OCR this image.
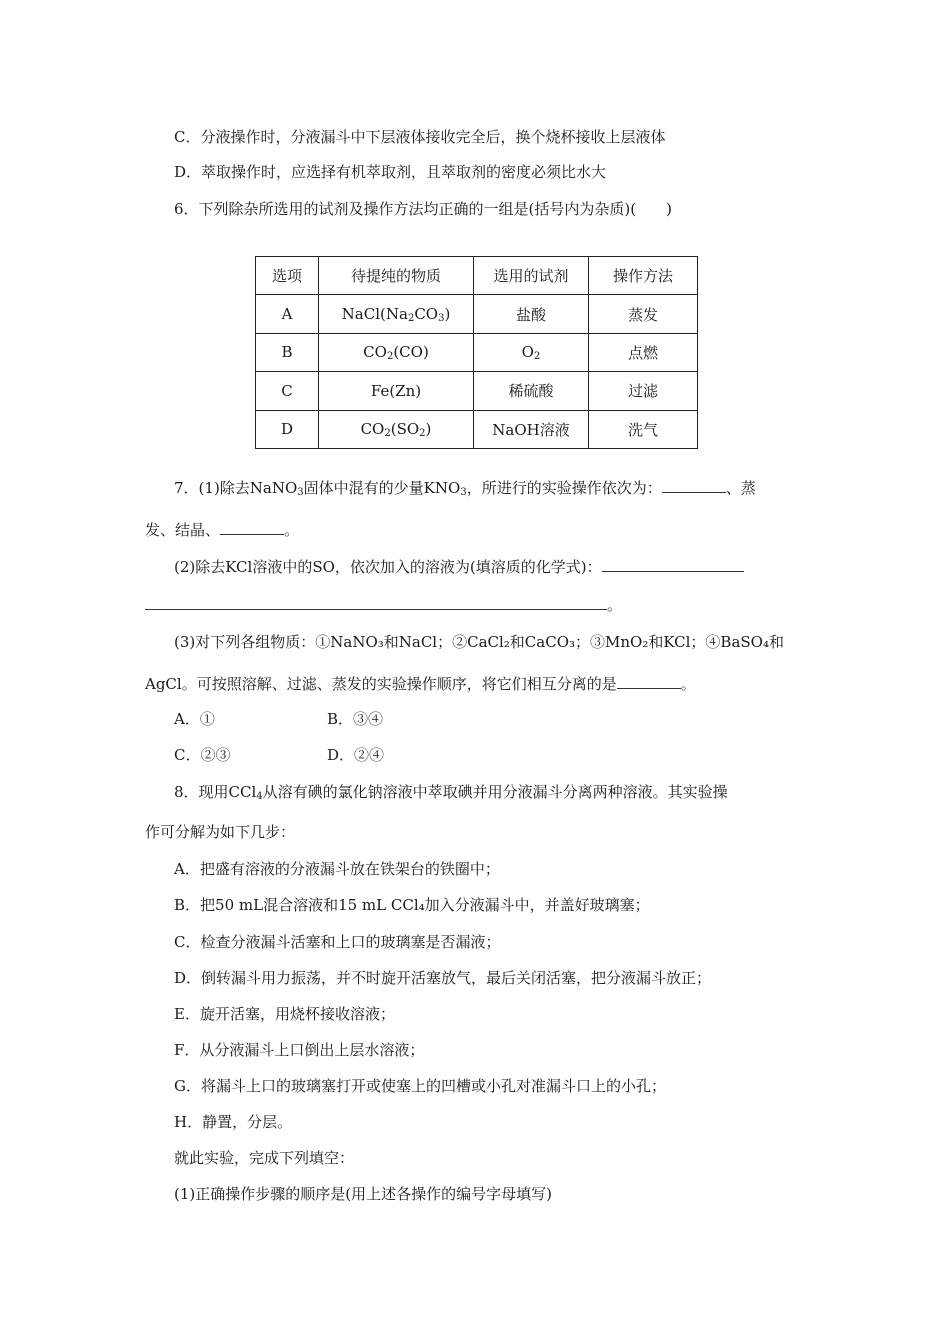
C．分液操作时，分液漏斗中下层液体接收完全后，换个烧杯接收上层液体
D．萃取操作时，应选择有机萃取剂，且萃取剂的密度必须比水大
6．下列除杂所选用的试剂及操作方法均正确的一组是(括号内为杂质)(　　)
选项	待提纯的物质	选用的试剂	操作方法
A	$NaCl(Na_2CO_3)$	盐酸	蒸发
B	$CO_2(CO)$	$O_2$	点燃
C	Fe(Zn)	稀硫酸	过滤
D	$CO_2(SO_2)$	NaOH溶液	洗气
7．(1)除去NaNO$_3$固体中混有的少量$KNO_3$，所进行的实验操作依次为：	、蒸
发、结晶、	。
(2)除去KCl溶液中的SO，依次加入的溶液为(填溶质的化学式)：
。
(3)对下列各组物质：①NaNO₃和NaCl；②CaCl₂和CaCO₃；③MnO₂和KCl；④BaSO₄和
AgCl。可按照溶解、过滤、蒸发的实验操作顺序，将它们相互分离的是	。
A．①	B．③④
C．②③	D．②④
8．现用CCl$_4$从溶有碘的氯化钠溶液中萃取碘并用分液漏斗分离两种溶液。其实验操
作可分解为如下几步：
A．把盛有溶液的分液漏斗放在铁架台的铁圈中；
B．把50 mL混合溶液和15 mL CCl₄加入分液漏斗中，并盖好玻璃塞；
C．检查分液漏斗活塞和上口的玻璃塞是否漏液；
D．倒转漏斗用力振荡，并不时旋开活塞放气，最后关闭活塞，把分液漏斗放正；
E．旋开活塞，用烧杯接收溶液；
F．从分液漏斗上口倒出上层水溶液；
G．将漏斗上口的玻璃塞打开或使塞上的凹槽或小孔对准漏斗口上的小孔；
H．静置，分层。
就此实验，完成下列填空：
(1)正确操作步骤的顺序是(用上述各操作的编号字母填写)
